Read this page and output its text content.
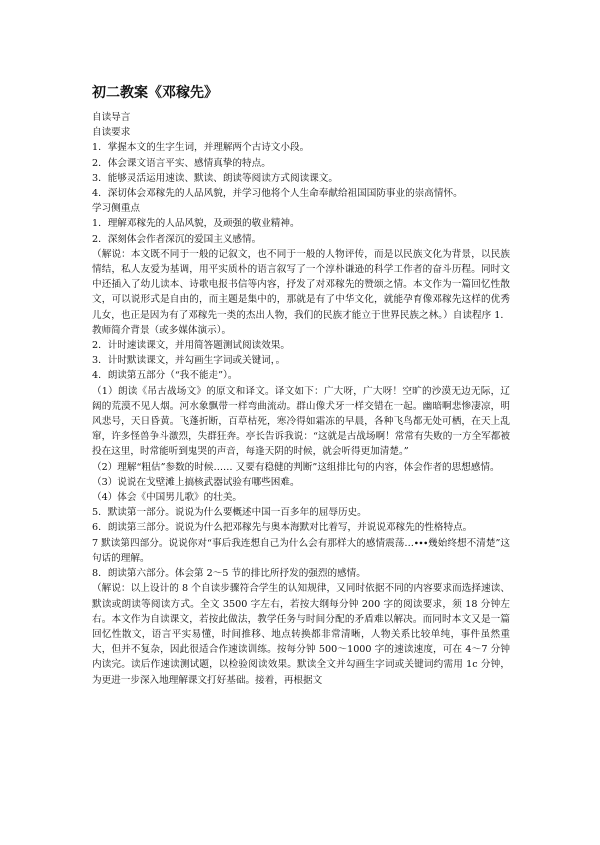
初二教案《邓稼先》

自读导言

自读要求

1．掌握本文的生字生词，并理解两个古诗文小段。

2．体会课文语言平实、感情真挚的特点。

3．能够灵活运用速读、默读、朗读等阅读方式阅读课文。

4．深切体会邓稼先的人品风貌，并学习他将个人生命奉献给祖国国防事业的崇高情怀。

学习侧重点

1．理解邓稼先的人品风貌，及顽强的敬业精神。

2．深刻体会作者深沉的爱国主义感情。

（解说：本文既不同于一般的记叙文，也不同于一般的人物评传，而是以民族文化为背景，以民族情结，私人友爱为基调，用平实质朴的语言叙写了一个淳朴谦逊的科学工作者的奋斗历程。同时文中还插入了幼儿读本、诗歌电报书信等内容，抒发了对邓稼先的赞颂之情。本文作为一篇回忆性散文，可以说形式是自由的，而主题是集中的，那就是有了中华文化，就能孕育像邓稼先这样的优秀儿女，也正是因为有了邓稼先一类的杰出人物，我们的民族才能立于世界民族之林。）自读程序 1．教师简介背景（或多媒体演示）。

2．计时速读课文，并用简答题测试阅读效果。

3．计时默读课文，并勾画生字词或关键词，。

4．朗读第五部分（“我不能走”）。

（1）朗读《吊古战场文》的原文和译文。译文如下：广大呀，广大呀！空旷的沙漠无边无际，辽阔的荒漠不见人烟。河水象飘带一样弯曲流动。群山像犬牙一样交错在一起。幽暗啊悲惨凄凉，明风悲号，天日昏黄。飞蓬折断，百草枯死，寒冷得如霜冻的早晨，各种飞鸟都无处可栖，在天上乱窜，许多怪兽争斗激烈，失群狂奔。亭长告诉我说：“这就是古战场啊！常常有失败的一方全军都被投在这里，时常能听到鬼哭的声音，每逢天阴的时候，就会听得更加清楚。”

（2）理解“粗估”参数的时候…… 又要有稳健的判断”这组排比句的内容，体会作者的思想感情。

（3）说说在戈壁滩上搞核武器试验有哪些困难。

（4）体会《中国男儿歌》的壮美。

5．默读第一部分。说说为什么要概述中国一百多年的屈辱历史。

6．朗读第三部分。说说为什么把邓稼先与奥本海默对比着写，并说说邓稼先的性格特点。

7 默读第四部分。说说你对“事后我连想自己为什么会有那样大的感情震荡…∙∙∙幾始终想不清楚”这句话的理解。

8．朗读第六部分。体会第 2～5 节的排比所抒发的强烈的感情。

（解说：以上设计的 8 个自读步骤符合学生的认知规律，又同时依据不同的内容要求而选择速读、默读或朗读等阅读方式。全文 3500 字左右，若按大纲每分钟 200 字的阅读要求，须 18 分钟左右。本文作为自读课文，若按此做法，教学任务与时间分配的矛盾难以解决。而同时本文又是一篇回忆性散文，语言平实易懂，时间推移、地点转换都非常清晰，人物关系比较单纯，事件虽然重大，但并不复杂，因此很适合作速读训练。按每分钟 500～1000 字的速读速度，可在 4～7 分钟内读完。读后作速读测试题，以检验阅读效果。默读全文并勾画生字词或关键词约需用 1c 分钟，为更进一步深入地理解课文打好基础。接着，再根据文
